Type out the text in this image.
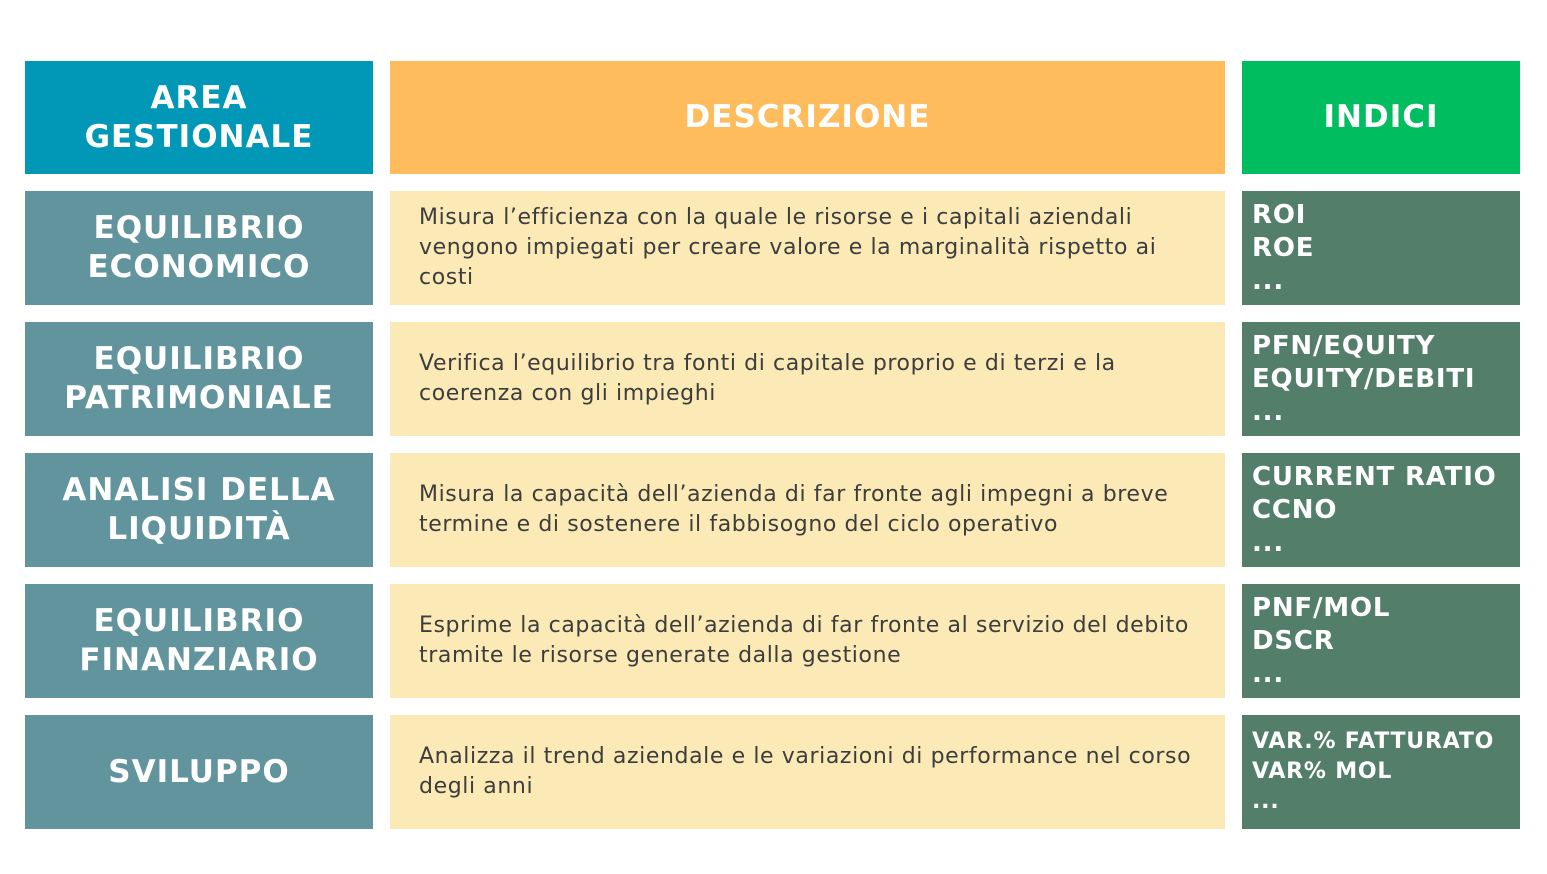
AREA
GESTIONALE
DESCRIZIONE	INDICI
EQUILIBRIO
ECONOMICO
Misura l’efficienza con la quale le risorse e i capitali aziendali vengono impiegati per creare valore e la marginalità rispetto ai costi
ROI
ROE
...
EQUILIBRIO
PATRIMONIALE
Verifica l’equilibrio tra fonti di capitale proprio e di terzi e la coerenza con gli impieghi
PFN/EQUITY
EQUITY/DEBITI
...
ANALISI DELLA
LIQUIDITÀ
Misura la capacità dell’azienda di far fronte agli impegni a breve termine e di sostenere il fabbisogno del ciclo operativo
CURRENT RATIO
CCNO
...
EQUILIBRIO
FINANZIARIO
Esprime la capacità dell’azienda di far fronte al servizio del debito tramite le risorse generate dalla gestione
PNF/MOL
DSCR
...
SVILUPPO	Analizza il trend aziendale e le variazioni di performance nel corso degli anni
VAR.% FATTURATO
VAR% MOL
...
